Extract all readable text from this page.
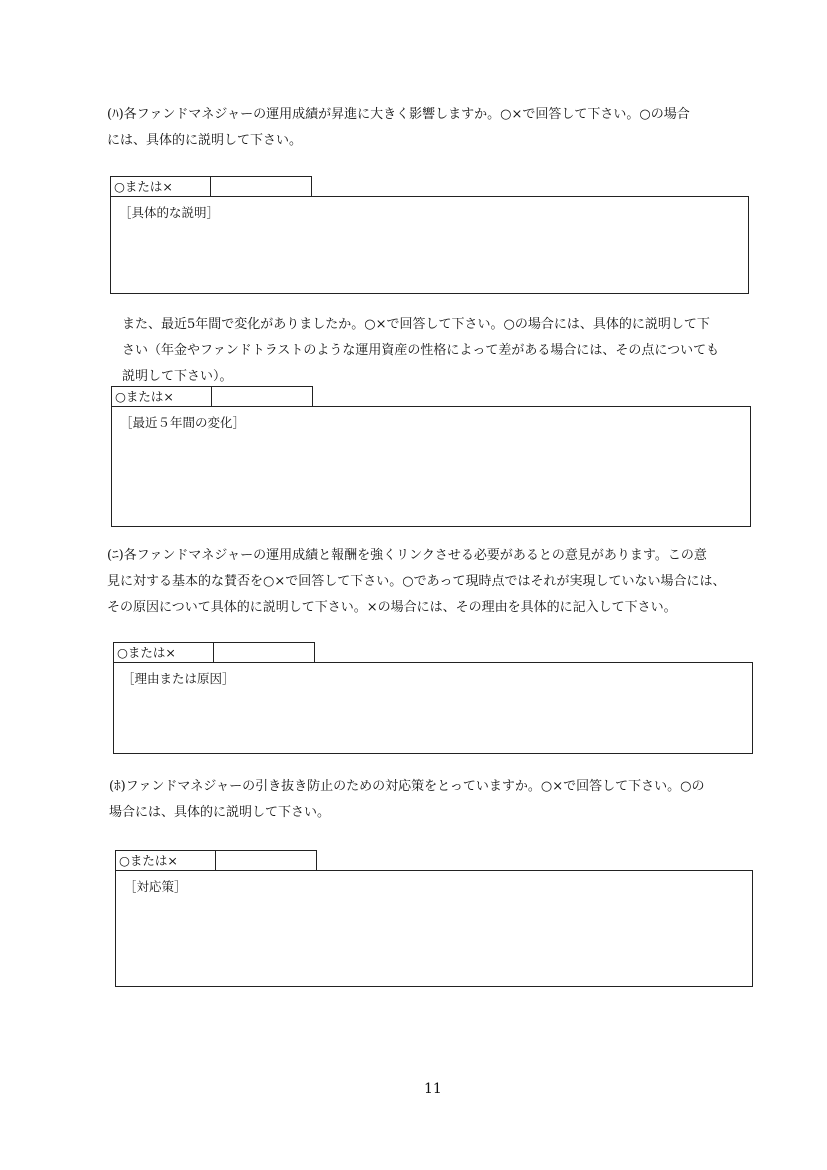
(ﾊ)各ファンドマネジャーの運用成績が昇進に大きく影響しますか。○×で回答して下さい。○の場合
には、具体的に説明して下さい。
○または×

［具体的な説明］

また、最近5年間で変化がありましたか。○×で回答して下さい。○の場合には、具体的に説明して下
さい（年金やファンドトラストのような運用資産の性格によって差がある場合には、その点についても
説明して下さい）。
○または×

［最近５年間の変化］

(ﾆ)各ファンドマネジャーの運用成績と報酬を強くリンクさせる必要があるとの意見があります。この意
見に対する基本的な賛否を○×で回答して下さい。○であって現時点ではそれが実現していない場合には、
その原因について具体的に説明して下さい。×の場合には、その理由を具体的に記入して下さい。
○または×

［理由または原因］

(ﾎ)ファンドマネジャーの引き抜き防止のための対応策をとっていますか。○×で回答して下さい。○の
場合には、具体的に説明して下さい。
○または×

［対応策］

11
